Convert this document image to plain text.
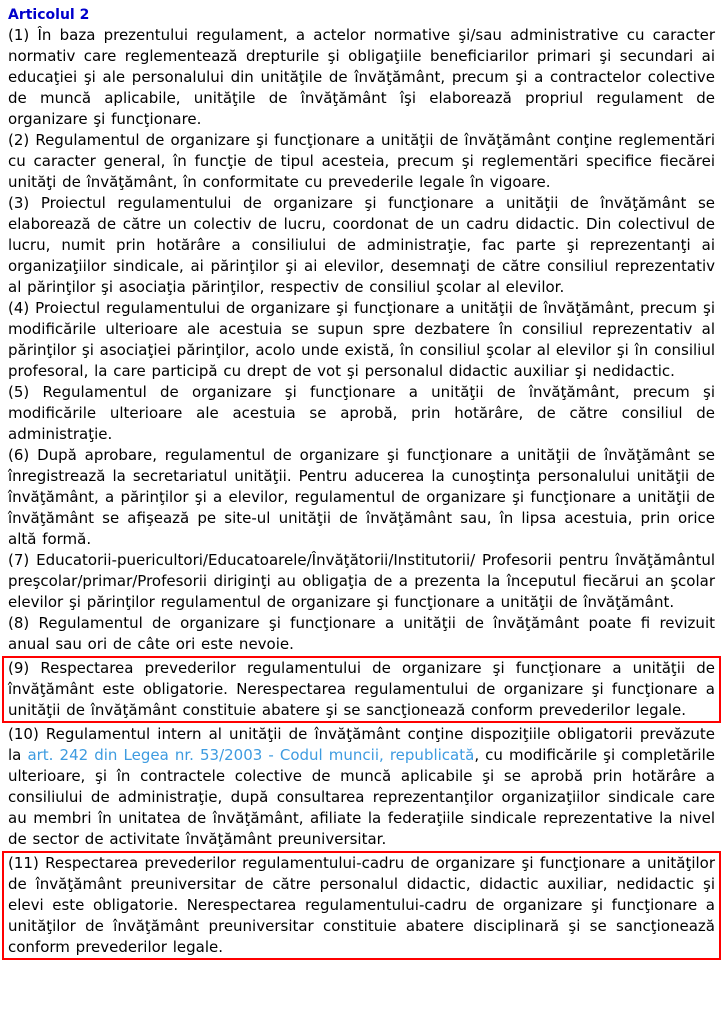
Articolul 2

(1) În baza prezentului regulament, a actelor normative şi/sau administrative cu caracter normativ care reglementează drepturile şi obligaţiile beneficiarilor primari şi secundari ai educaţiei şi ale personalului din unităţile de învăţământ, precum şi a contractelor colective de muncă aplicabile, unităţile de învăţământ îşi elaborează propriul regulament de organizare şi funcţionare.

(2) Regulamentul de organizare şi funcţionare a unităţii de învăţământ conţine reglementări cu caracter general, în funcţie de tipul acesteia, precum şi reglementări specifice fiecărei unităţi de învăţământ, în conformitate cu prevederile legale în vigoare.

(3) Proiectul regulamentului de organizare şi funcţionare a unităţii de învăţământ se elaborează de către un colectiv de lucru, coordonat de un cadru didactic. Din colectivul de lucru, numit prin hotărâre a consiliului de administraţie, fac parte şi reprezentanţi ai organizaţiilor sindicale, ai părinţilor şi ai elevilor, desemnaţi de către consiliul reprezentativ al părinţilor şi asociaţia părinţilor, respectiv de consiliul şcolar al elevilor.

(4) Proiectul regulamentului de organizare şi funcţionare a unităţii de învăţământ, precum şi modificările ulterioare ale acestuia se supun spre dezbatere în consiliul reprezentativ al părinţilor şi asociaţiei părinţilor, acolo unde există, în consiliul şcolar al elevilor şi în consiliul profesoral, la care participă cu drept de vot şi personalul didactic auxiliar şi nedidactic.

(5) Regulamentul de organizare şi funcţionare a unităţii de învăţământ, precum şi modificările ulterioare ale acestuia se aprobă, prin hotărâre, de către consiliul de administraţie.

(6) După aprobare, regulamentul de organizare şi funcţionare a unităţii de învăţământ se înregistrează la secretariatul unităţii. Pentru aducerea la cunoştinţa personalului unităţii de învăţământ, a părinţilor şi a elevilor, regulamentul de organizare şi funcţionare a unităţii de învăţământ se afişează pe site-ul unităţii de învăţământ sau, în lipsa acestuia, prin orice altă formă.

(7) Educatorii-puericultori/Educatoarele/Învăţătorii/Institutorii/ Profesorii pentru învăţământul preşcolar/primar/Profesorii diriginţi au obligaţia de a prezenta la începutul fiecărui an şcolar elevilor şi părinţilor regulamentul de organizare şi funcţionare a unităţii de învăţământ.

(8) Regulamentul de organizare şi funcţionare a unităţii de învăţământ poate fi revizuit anual sau ori de câte ori este nevoie.

(9) Respectarea prevederilor regulamentului de organizare şi funcţionare a unităţii de învăţământ este obligatorie. Nerespectarea regulamentului de organizare şi funcţionare a unităţii de învăţământ constituie abatere şi se sancţionează conform prevederilor legale.

(10) Regulamentul intern al unităţii de învăţământ conţine dispoziţiile obligatorii prevăzute la art. 242 din Legea nr. 53/2003 - Codul muncii, republicată, cu modificările şi completările ulterioare, şi în contractele colective de muncă aplicabile şi se aprobă prin hotărâre a consiliului de administraţie, după consultarea reprezentanţilor organizaţiilor sindicale care au membri în unitatea de învăţământ, afiliate la federaţiile sindicale reprezentative la nivel de sector de activitate învăţământ preuniversitar.

(11) Respectarea prevederilor regulamentului-cadru de organizare şi funcţionare a unităţilor de învăţământ preuniversitar de către personalul didactic, didactic auxiliar, nedidactic şi elevi este obligatorie. Nerespectarea regulamentului-cadru de organizare şi funcţionare a unităţilor de învăţământ preuniversitar constituie abatere disciplinară şi se sancţionează conform prevederilor legale.
